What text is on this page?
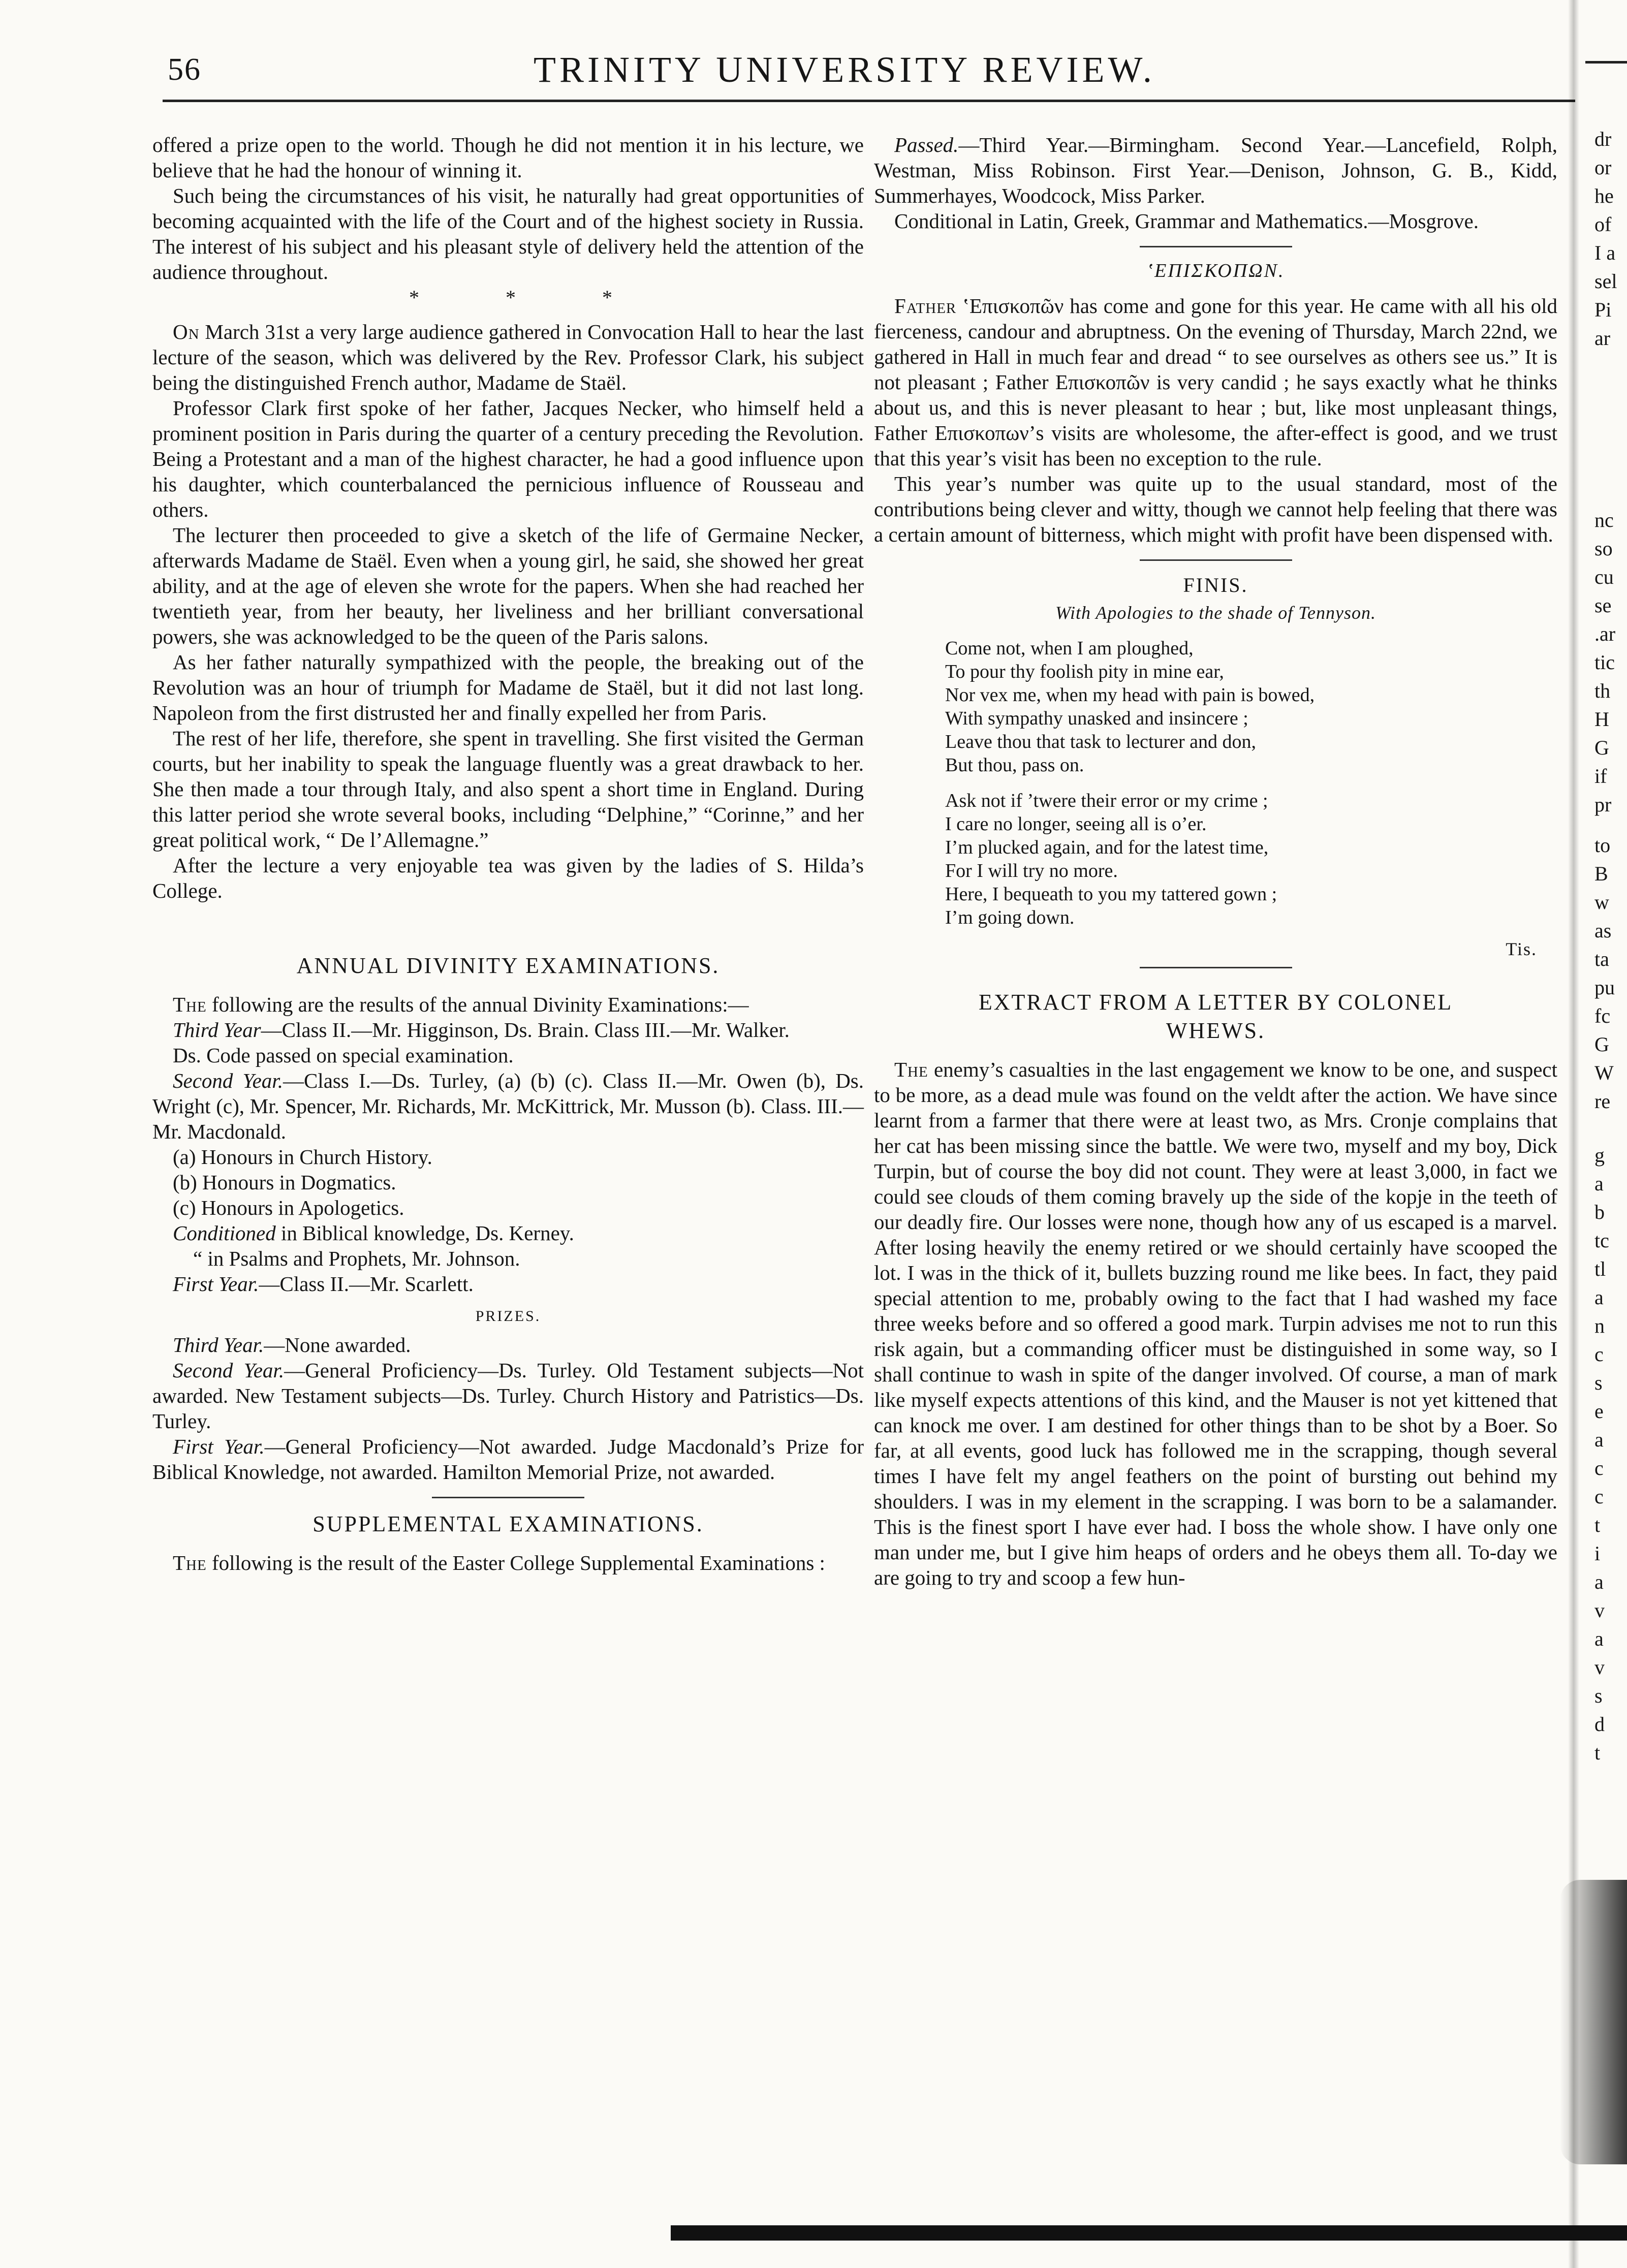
56	TRINITY UNIVERSITY REVIEW.

offered a prize open to the world. Though he did not mention it in his lecture, we believe that he had the honour of winning it.

Such being the circumstances of his visit, he naturally had great opportunities of becoming acquainted with the life of the Court and of the highest society in Russia. The interest of his subject and his pleasant style of delivery held the attention of the audience throughout.

* * *

On March 31st a very large audience gathered in Convocation Hall to hear the last lecture of the season, which was delivered by the Rev. Professor Clark, his subject being the distinguished French author, Madame de Staël.

Professor Clark first spoke of her father, Jacques Necker, who himself held a prominent position in Paris during the quarter of a century preceding the Revolution. Being a Protestant and a man of the highest character, he had a good influence upon his daughter, which counterbalanced the pernicious influence of Rousseau and others.

The lecturer then proceeded to give a sketch of the life of Germaine Necker, afterwards Madame de Staël. Even when a young girl, he said, she showed her great ability, and at the age of eleven she wrote for the papers. When she had reached her twentieth year, from her beauty, her liveliness and her brilliant conversational powers, she was acknowledged to be the queen of the Paris salons.

As her father naturally sympathized with the people, the breaking out of the Revolution was an hour of triumph for Madame de Staël, but it did not last long. Napoleon from the first distrusted her and finally expelled her from Paris.

The rest of her life, therefore, she spent in travelling. She first visited the German courts, but her inability to speak the language fluently was a great drawback to her. She then made a tour through Italy, and also spent a short time in England. During this latter period she wrote several books, including “Delphine,” “Corinne,” and her great political work, “ De l’Allemagne.”

After the lecture a very enjoyable tea was given by the ladies of S. Hilda’s College.

ANNUAL DIVINITY EXAMINATIONS.

The following are the results of the annual Divinity Examinations:—

Third Year—Class II.—Mr. Higginson, Ds. Brain. Class III.—Mr. Walker.

Ds. Code passed on special examination.

Second Year.—Class I.—Ds. Turley, (a) (b) (c). Class II.—Mr. Owen (b), Ds. Wright (c), Mr. Spencer, Mr. Richards, Mr. McKittrick, Mr. Musson (b). Class. III.—Mr. Macdonald.

(a) Honours in Church History.

(b) Honours in Dogmatics.

(c) Honours in Apologetics.

Conditioned in Biblical knowledge, Ds. Kerney.

“ in Psalms and Prophets, Mr. Johnson.

First Year.—Class II.—Mr. Scarlett.

PRIZES.

Third Year.—None awarded.

Second Year.—General Proficiency—Ds. Turley. Old Testament subjects—Not awarded. New Testament subjects—Ds. Turley. Church History and Patristics—Ds. Turley.

First Year.—General Proficiency—Not awarded. Judge Macdonald’s Prize for Biblical Knowledge, not awarded. Hamilton Memorial Prize, not awarded.

SUPPLEMENTAL EXAMINATIONS.

The following is the result of the Easter College Supplemental Examinations :

Passed.—Third Year.—Birmingham. Second Year.—Lancefield, Rolph, Westman, Miss Robinson. First Year.—Denison, Johnson, G. B., Kidd, Summerhayes, Woodcock, Miss Parker.

Conditional in Latin, Greek, Grammar and Mathematics.—Mosgrove.

ʽΕΠΙΣΚΟΠΩΝ.

Father ʽΕπισκοπῶν has come and gone for this year. He came with all his old fierceness, candour and abruptness. On the evening of Thursday, March 22nd, we gathered in Hall in much fear and dread “ to see ourselves as others see us.” It is not pleasant ; Father Επισκοπῶν is very candid ; he says exactly what he thinks about us, and this is never pleasant to hear ; but, like most unpleasant things, Father Επισκοπων’s visits are wholesome, the after-effect is good, and we trust that this year’s visit has been no exception to the rule.

This year’s number was quite up to the usual standard, most of the contributions being clever and witty, though we cannot help feeling that there was a certain amount of bitterness, which might with profit have been dispensed with.

FINIS.
With Apologies to the shade of Tennyson.
Come not, when I am ploughed,
To pour thy foolish pity in mine ear,
Nor vex me, when my head with pain is bowed,
With sympathy unasked and insincere ;
Leave thou that task to lecturer and don,
But thou, pass on.
Ask not if ’twere their error or my crime ;
I care no longer, seeing all is o’er.
I’m plucked again, and for the latest time,
For I will try no more.
Here, I bequeath to you my tattered gown ;
I’m going down.
Tis.
EXTRACT FROM A LETTER BY COLONEL
WHEWS.

The enemy’s casualties in the last engagement we know to be one, and suspect to be more, as a dead mule was found on the veldt after the action. We have since learnt from a farmer that there were at least two, as Mrs. Cronje complains that her cat has been missing since the battle. We were two, myself and my boy, Dick Turpin, but of course the boy did not count. They were at least 3,000, in fact we could see clouds of them coming bravely up the side of the kopje in the teeth of our deadly fire. Our losses were none, though how any of us escaped is a marvel. After losing heavily the enemy retired or we should certainly have scooped the lot. I was in the thick of it, bullets buzzing round me like bees. In fact, they paid special attention to me, probably owing to the fact that I had washed my face three weeks before and so offered a good mark. Turpin advises me not to run this risk again, but a commanding officer must be distinguished in some way, so I shall continue to wash in spite of the danger involved. Of course, a man of mark like myself expects attentions of this kind, and the Mauser is not yet kittened that can knock me over. I am destined for other things than to be shot by a Boer. So far, at all events, good luck has followed me in the scrapping, though several times I have felt my angel feathers on the point of bursting out behind my shoulders. I was in my element in the scrapping. I was born to be a salamander. This is the finest sport I have ever had. I boss the whole show. I have only one man under me, but I give him heaps of orders and he obeys them all. To-day we are going to try and scoop a few hun-

dr
or
he
of
I a
sel
Pi
ar
nc
so
cu
se
.ar
tic
th
H
G
if
pr
to
B
w
as
ta
pu
fc
G
W
re
g
a
b
tc
tl
a
n
c
s
e
a
c
c
t
i
a
v
a
v
s
d
t
